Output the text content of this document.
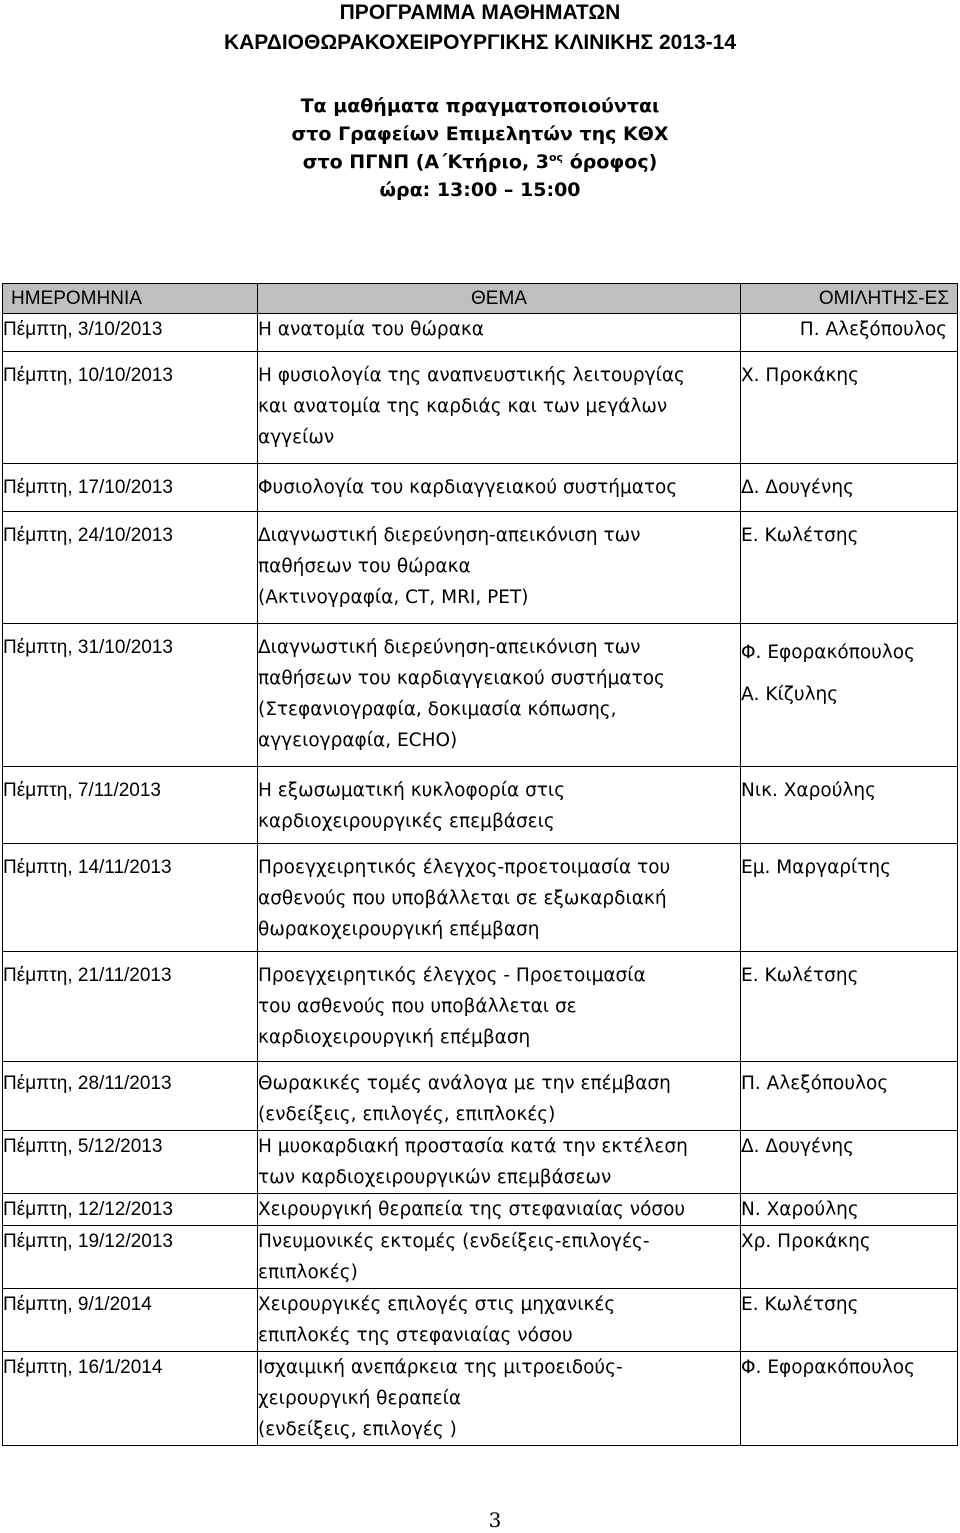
ΠΡΟΓΡΑΜΜΑ ΜΑΘΗΜΑΤΩΝ
ΚΑΡΔΙΟΘΩΡΑΚΟΧΕΙΡΟΥΡΓΙΚΗΣ ΚΛΙΝΙΚΗΣ 2013-14
Τα μαθήματα πραγματοποιούνται
στο Γραφείων Επιμελητών της ΚΘΧ
στο ΠΓΝΠ (Α΄Κτήριο, $3^{o\varsigma}$ όροφος)
ώρα: 13:00 – 15:00
ΗΜΕΡΟΜΗΝΙΑ	ΘΕΜΑ	ΟΜΙΛΗΤΗΣ-ΕΣ
Πέμπτη, 3/10/2013	Η ανατομία του θώρακα	Π. Αλεξόπουλος

Πέμπτη, 10/10/2013	Η φυσιολογία της αναπνευστικής λειτουργίας
και ανατομία της καρδιάς και των μεγάλων
αγγείων	Χ. Προκάκης

Πέμπτη, 17/10/2013	Φυσιολογία του καρδιαγγειακού συστήματος	Δ. Δουγένης

Πέμπτη, 24/10/2013	Διαγνωστική διερεύνηση-απεικόνιση των
παθήσεων του θώρακα
(Ακτινογραφία, CT, MRI, PET)	Ε. Κωλέτσης

Πέμπτη, 31/10/2013	Διαγνωστική διερεύνηση-απεικόνιση των
παθήσεων του καρδιαγγειακού συστήματος
(Στεφανιογραφία, δοκιμασία κόπωσης,
αγγειογραφία, ECHO)	Φ. Εφορακόπουλος
Α. Κίζυλης

Πέμπτη, 7/11/2013	Η εξωσωματική κυκλοφορία στις
καρδιοχειρουργικές επεμβάσεις	Νικ. Χαρούλης

Πέμπτη, 14/11/2013	Προεγχειρητικός έλεγχος-προετοιμασία του
ασθενούς που υποβάλλεται σε εξωκαρδιακή
θωρακοχειρουργική επέμβαση	Εμ. Μαργαρίτης

Πέμπτη, 21/11/2013	Προεγχειρητικός έλεγχος - Προετοιμασία
του ασθενούς που υποβάλλεται σε
καρδιοχειρουργική επέμβαση	Ε. Κωλέτσης

Πέμπτη, 28/11/2013	Θωρακικές τομές ανάλογα με την επέμβαση
(ενδείξεις, επιλογές, επιπλοκές)	Π. Αλεξόπουλος

Πέμπτη, 5/12/2013	Η μυοκαρδιακή προστασία κατά την εκτέλεση
των καρδιοχειρουργικών επεμβάσεων	Δ. Δουγένης

Πέμπτη, 12/12/2013	Χειρουργική θεραπεία της στεφανιαίας νόσου	Ν. Χαρούλης

Πέμπτη, 19/12/2013	Πνευμονικές εκτομές (ενδείξεις-επιλογές-
επιπλοκές)	Χρ. Προκάκης

Πέμπτη, 9/1/2014	Χειρουργικές επιλογές στις μηχανικές
επιπλοκές της στεφανιαίας νόσου	Ε. Κωλέτσης

Πέμπτη, 16/1/2014	Ισχαιμική ανεπάρκεια της μιτροειδούς-
χειρουργική θεραπεία
(ενδείξεις, επιλογές )	Φ. Εφορακόπουλος
3
